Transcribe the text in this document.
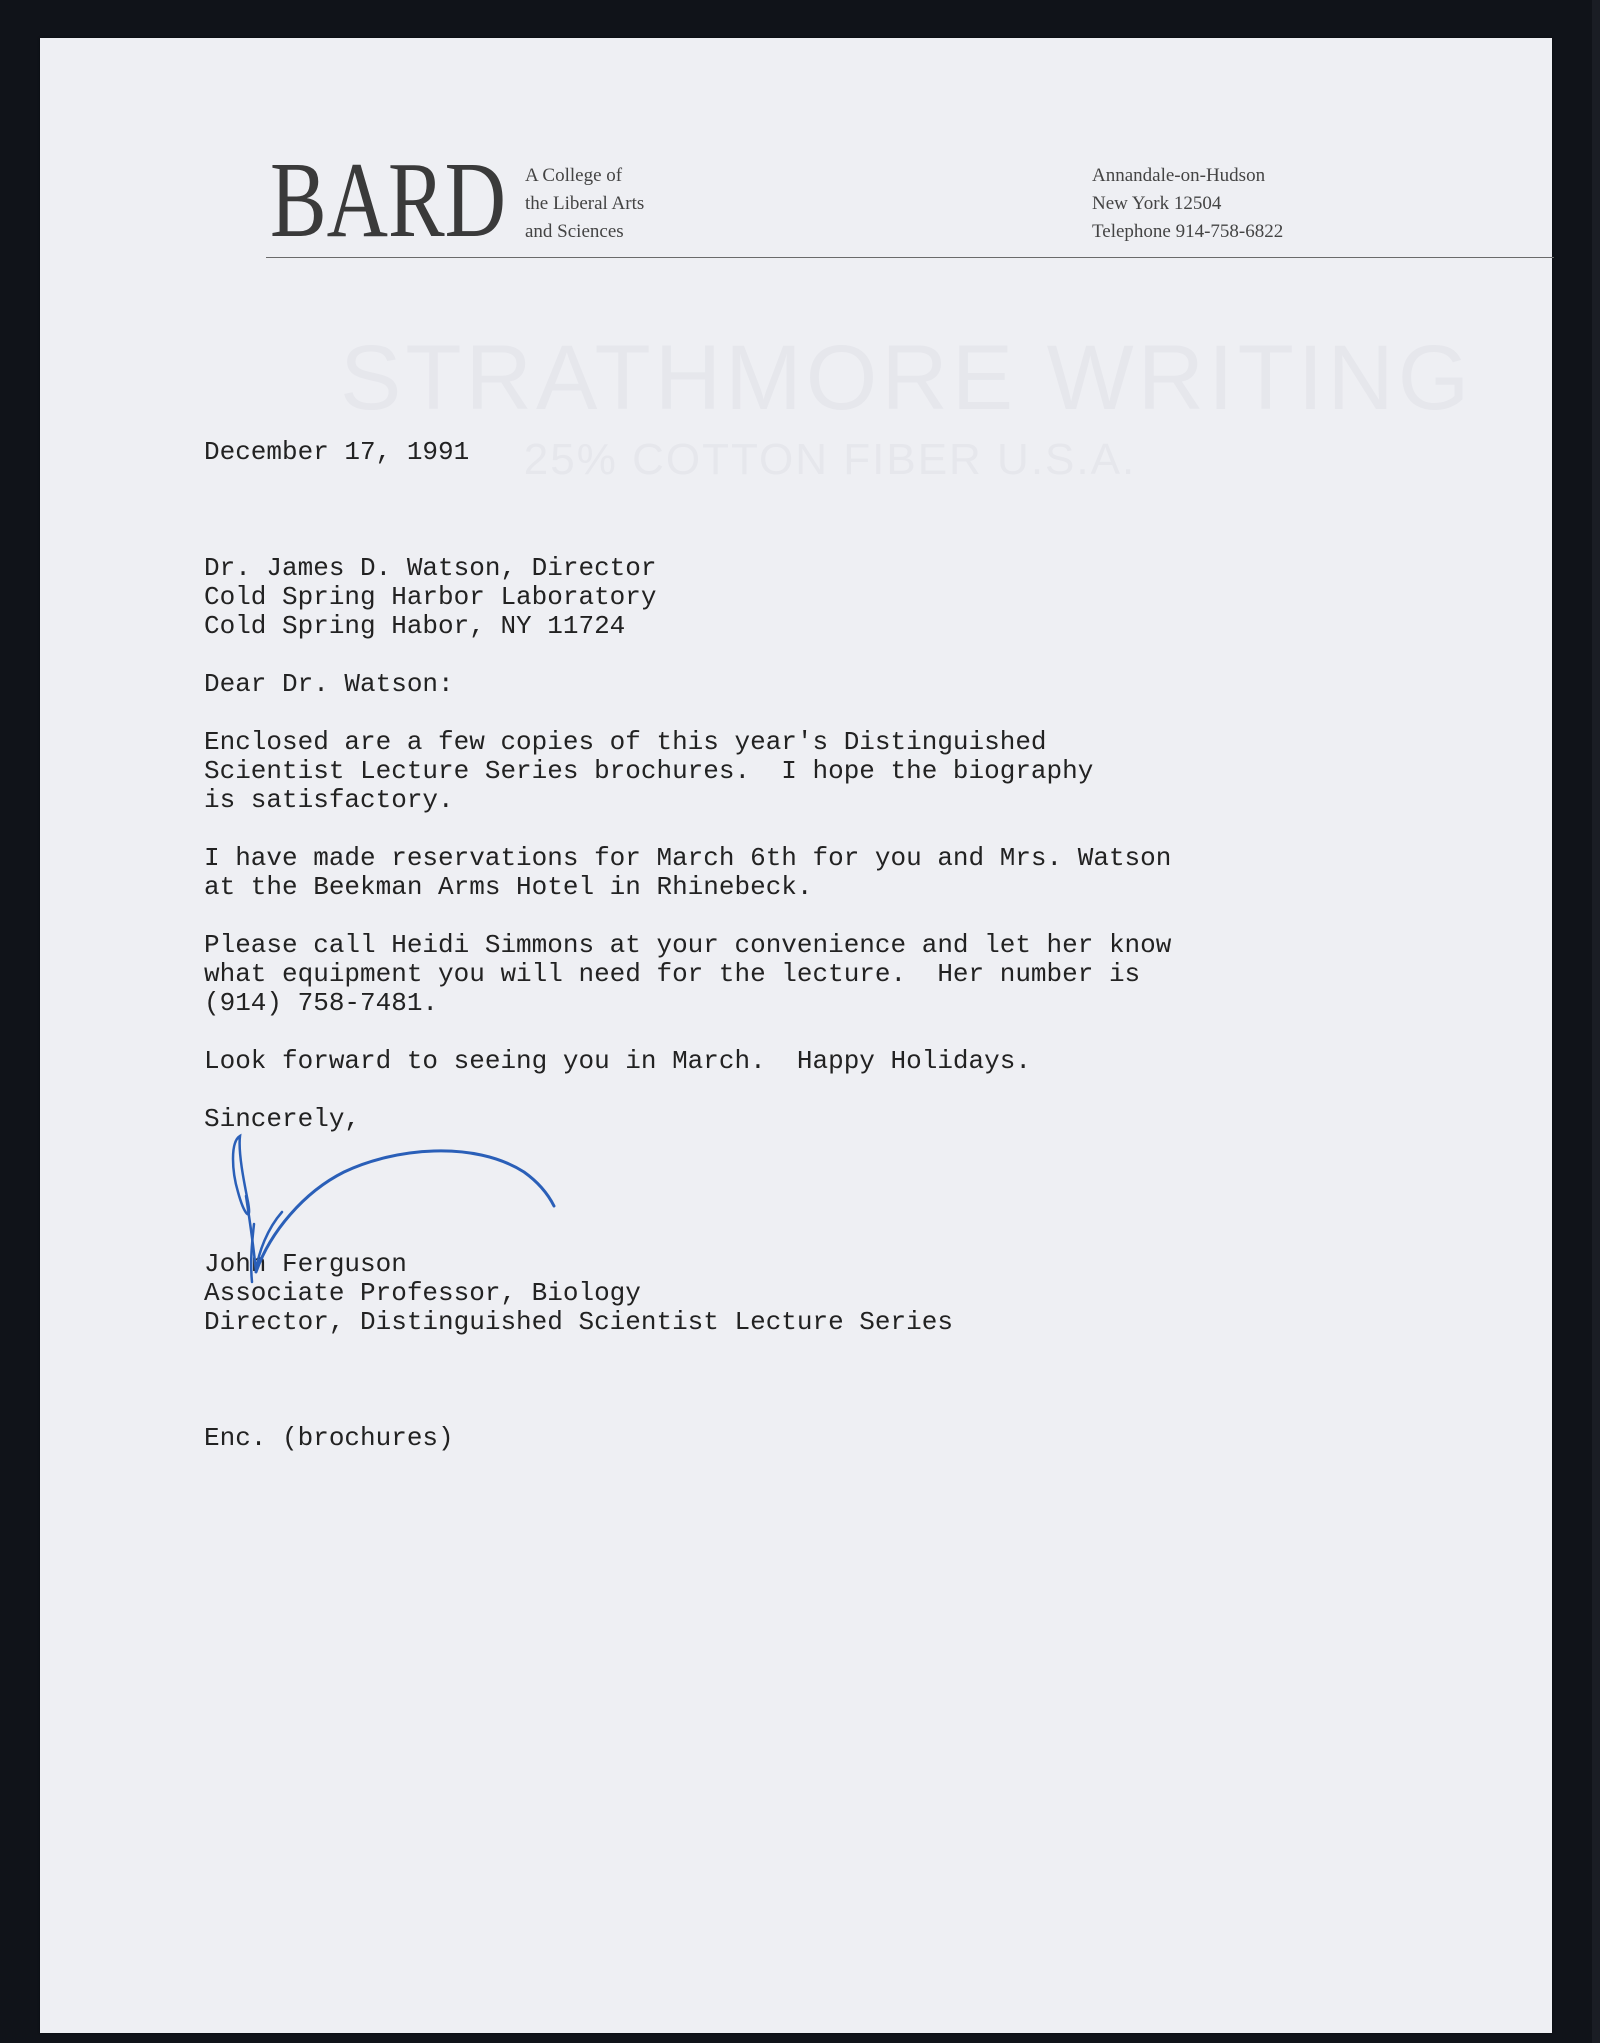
BARD A College of
the Liberal Arts
and Sciences
Annandale-on-Hudson
New York 12504
Telephone 914-758-6822
STRATHMORE WRITING
25% COTTON FIBER U.S.A.
December 17, 1991
Dr. James D. Watson, Director
Cold Spring Harbor Laboratory
Cold Spring Habor, NY 11724
Dear Dr. Watson:
Enclosed are a few copies of this year's Distinguished
Scientist Lecture Series brochures.  I hope the biography
is satisfactory.
I have made reservations for March 6th for you and Mrs. Watson
at the Beekman Arms Hotel in Rhinebeck.
Please call Heidi Simmons at your convenience and let her know
what equipment you will need for the lecture.  Her number is
(914) 758-7481.
Look forward to seeing you in March.  Happy Holidays.
Sincerely,
John Ferguson
Associate Professor, Biology
Director, Distinguished Scientist Lecture Series
Enc. (brochures)
